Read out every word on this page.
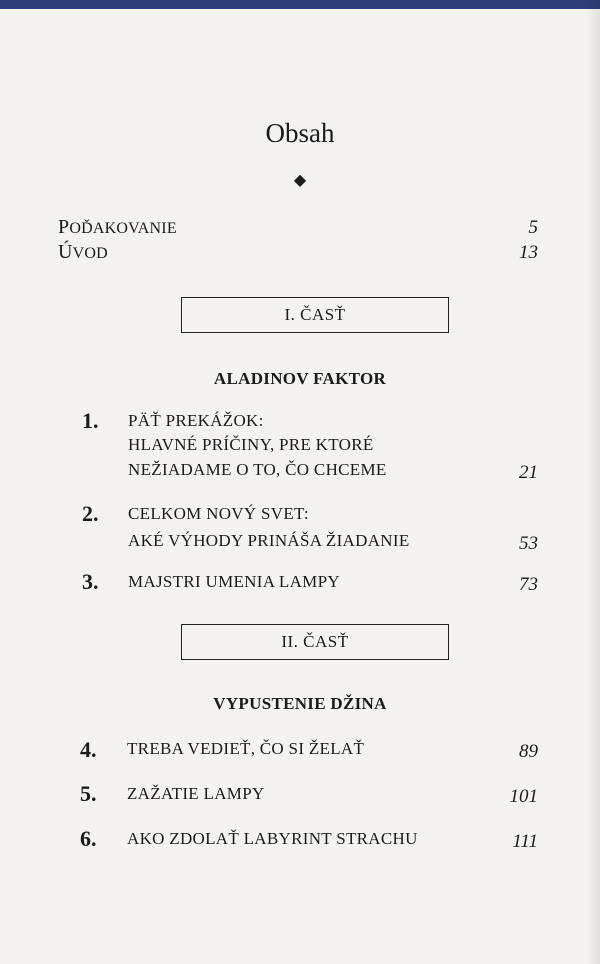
Obsah
◆
POĎAKOVANIE	5
ÚVOD	13
I. ČASŤ
ALADINOV FAKTOR
1. PÄŤ PREKÁŽOK:
HLAVNÉ PRÍČINY, PRE KTORÉ
NEŽIADAME O TO, ČO CHCEME	21
2. CELKOM NOVÝ SVET:
AKÉ VÝHODY PRINÁŠA ŽIADANIE	53
3. MAJSTRI UMENIA LAMPY	73
II. ČASŤ
VYPUSTENIE DŽINA
4. TREBA VEDIEŤ, ČO SI ŽELAŤ	89
5. ZAŽATIE LAMPY	101
6. AKO ZDOLAŤ LABYRINT STRACHU	111
